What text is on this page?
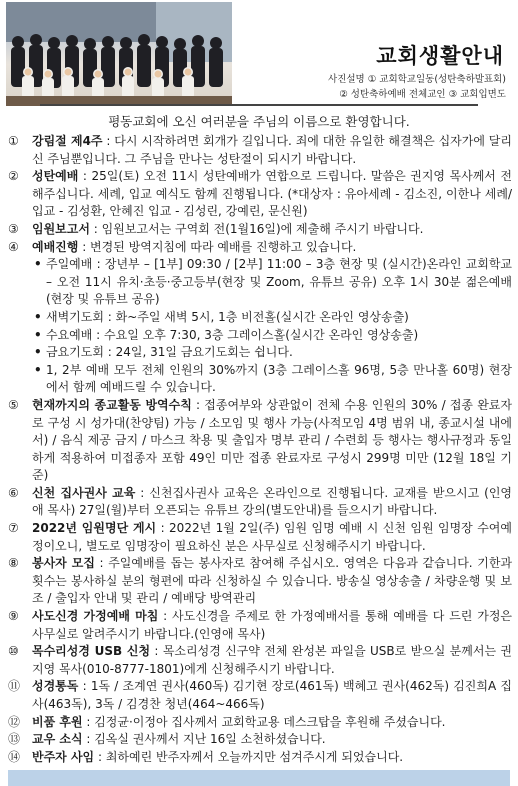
교회생활안내
사진설명 ① 교회학교일동(성탄축하발표회)
② 성탄축하예배 전체교인 ③ 교회입면도
평동교회에 오신 여러분을 주님의 이름으로 환영합니다.
①	강림절 제4주 : 다시 시작하려면 회개가 길입니다. 죄에 대한 유일한 해결책은 십자가에 달리신 주님뿐입니다. 그 주님을 만나는 성탄절이 되시기 바랍니다.
②	성탄예배 : 25일(토) 오전 11시 성탄예배가 연합으로 드립니다. 말씀은 권지영 목사께서 전해주십니다. 세례, 입교 예식도 함께 진행됩니다. (*대상자 : 유아세례 - 김소진, 이한나 세례/입교 - 김성환, 안혜진 입교 - 김성린, 강예린, 문신원)
③	임원보고서 : 임원보고서는 구역회 전(1월16일)에 제출해 주시기 바랍니다.
④	예배진행 : 변경된 방역지침에 따라 예배를 진행하고 있습니다.
• 주일예배 : 장년부 – [1부] 09:30 / [2부] 11:00 – 3층 현장 및 (실시간)온라인 교회학교 – 오전 11시 유치·초등·중고등부(현장 및 Zoom, 유튜브 공유) 오후 1시 30분 젊은예배(현장 및 유튜브 공유)
• 새벽기도회 : 화~주일 새벽 5시, 1층 비전홀(실시간 온라인 영상송출)
• 수요예배 : 수요일 오후 7:30, 3층 그레이스홀(실시간 온라인 영상송출)
• 금요기도회 : 24일, 31일 금요기도회는 쉽니다.
• 1, 2부 예배 모두 전체 인원의 30%까지 (3층 그레이스홀 96명, 5층 만나홀 60명) 현장에서 함께 예배드릴 수 있습니다.
⑤	현재까지의 종교활동 방역수칙 : 접종여부와 상관없이 전체 수용 인원의 30% / 접종 완료자로 구성 시 성가대(찬양팀) 가능 / 소모임 및 행사 가능(사적모임 4명 범위 내, 종교시설 내에서) / 음식 제공 금지 / 마스크 착용 및 출입자 명부 관리 / 수련회 등 행사는 행사규정과 동일하게 적용하여 미접종자 포함 49인 미만 접종 완료자로 구성시 299명 미만 (12월 18일 기준)
⑥	신천 집사권사 교육 : 신천집사권사 교육은 온라인으로 진행됩니다. 교재를 받으시고 (인영애 목사) 27일(월)부터 오픈되는 유튜브 강의(별도안내)를 들으시기 바랍니다.
⑦	2022년 임원명단 게시 : 2022년 1월 2일(주) 임원 임명 예배 시 신천 임원 임명장 수여예정이오니, 별도로 임명장이 필요하신 분은 사무실로 신청해주시기 바랍니다.
⑧	봉사자 모집 : 주일예배를 돕는 봉사자로 참여해 주십시오. 영역은 다음과 같습니다. 기한과 횟수는 봉사하실 분의 형편에 따라 신청하실 수 있습니다. 방송실 영상송출 / 차량운행 및 보조 / 출입자 안내 및 관리 / 예배당 방역관리
⑨	사도신경 가정예배 마침 : 사도신경을 주제로 한 가정예배서를 통해 예배를 다 드린 가정은 사무실로 알려주시기 바랍니다.(인영애 목사)
⑩	목수리성경 USB 신청 : 목소리성경 신구약 전체 완성본 파일을 USB로 받으실 분께서는 권지영 목사(010-8777-1801)에게 신청해주시기 바랍니다.
⑪ 성경통독 : 1독 / 조계연 권사(460독) 김기현 장로(461독) 백혜고 권사(462독) 김진희A 집사(463독), 3독 / 김경찬 청년(464~466독)
⑫ 비품 후원 : 김정균·이정아 집사께서 교회학교용 데스크탑을 후원해 주셨습니다.
⑬ 교우 소식 : 김옥실 권사께서 지난 16일 소천하셨습니다.
⑭ 반주자 사임 : 최하예린 반주자께서 오늘까지만 섬겨주시게 되었습니다.
